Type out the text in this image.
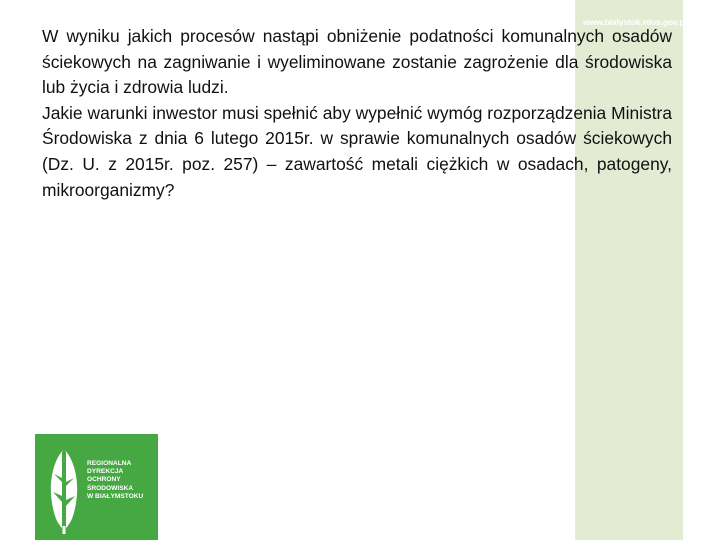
www.bialystok.rdos.gov.pl

W wyniku jakich procesów nastąpi obniżenie podatności komunalnych osadów ściekowych na zagniwanie i wyeliminowane zostanie zagrożenie dla środowiska lub życia i zdrowia ludzi.

Jakie warunki inwestor musi spełnić aby wypełnić wymóg rozporządzenia Ministra Środowiska z dnia 6 lutego 2015r. w sprawie komunalnych osadów ściekowych (Dz. U. z 2015r. poz. 257) – zawartość metali ciężkich w osadach, patogeny, mikroorganizmy?

REGIONALNA
DYREKCJA
OCHRONY
ŚRODOWISKA
W BIAŁYMSTOKU
